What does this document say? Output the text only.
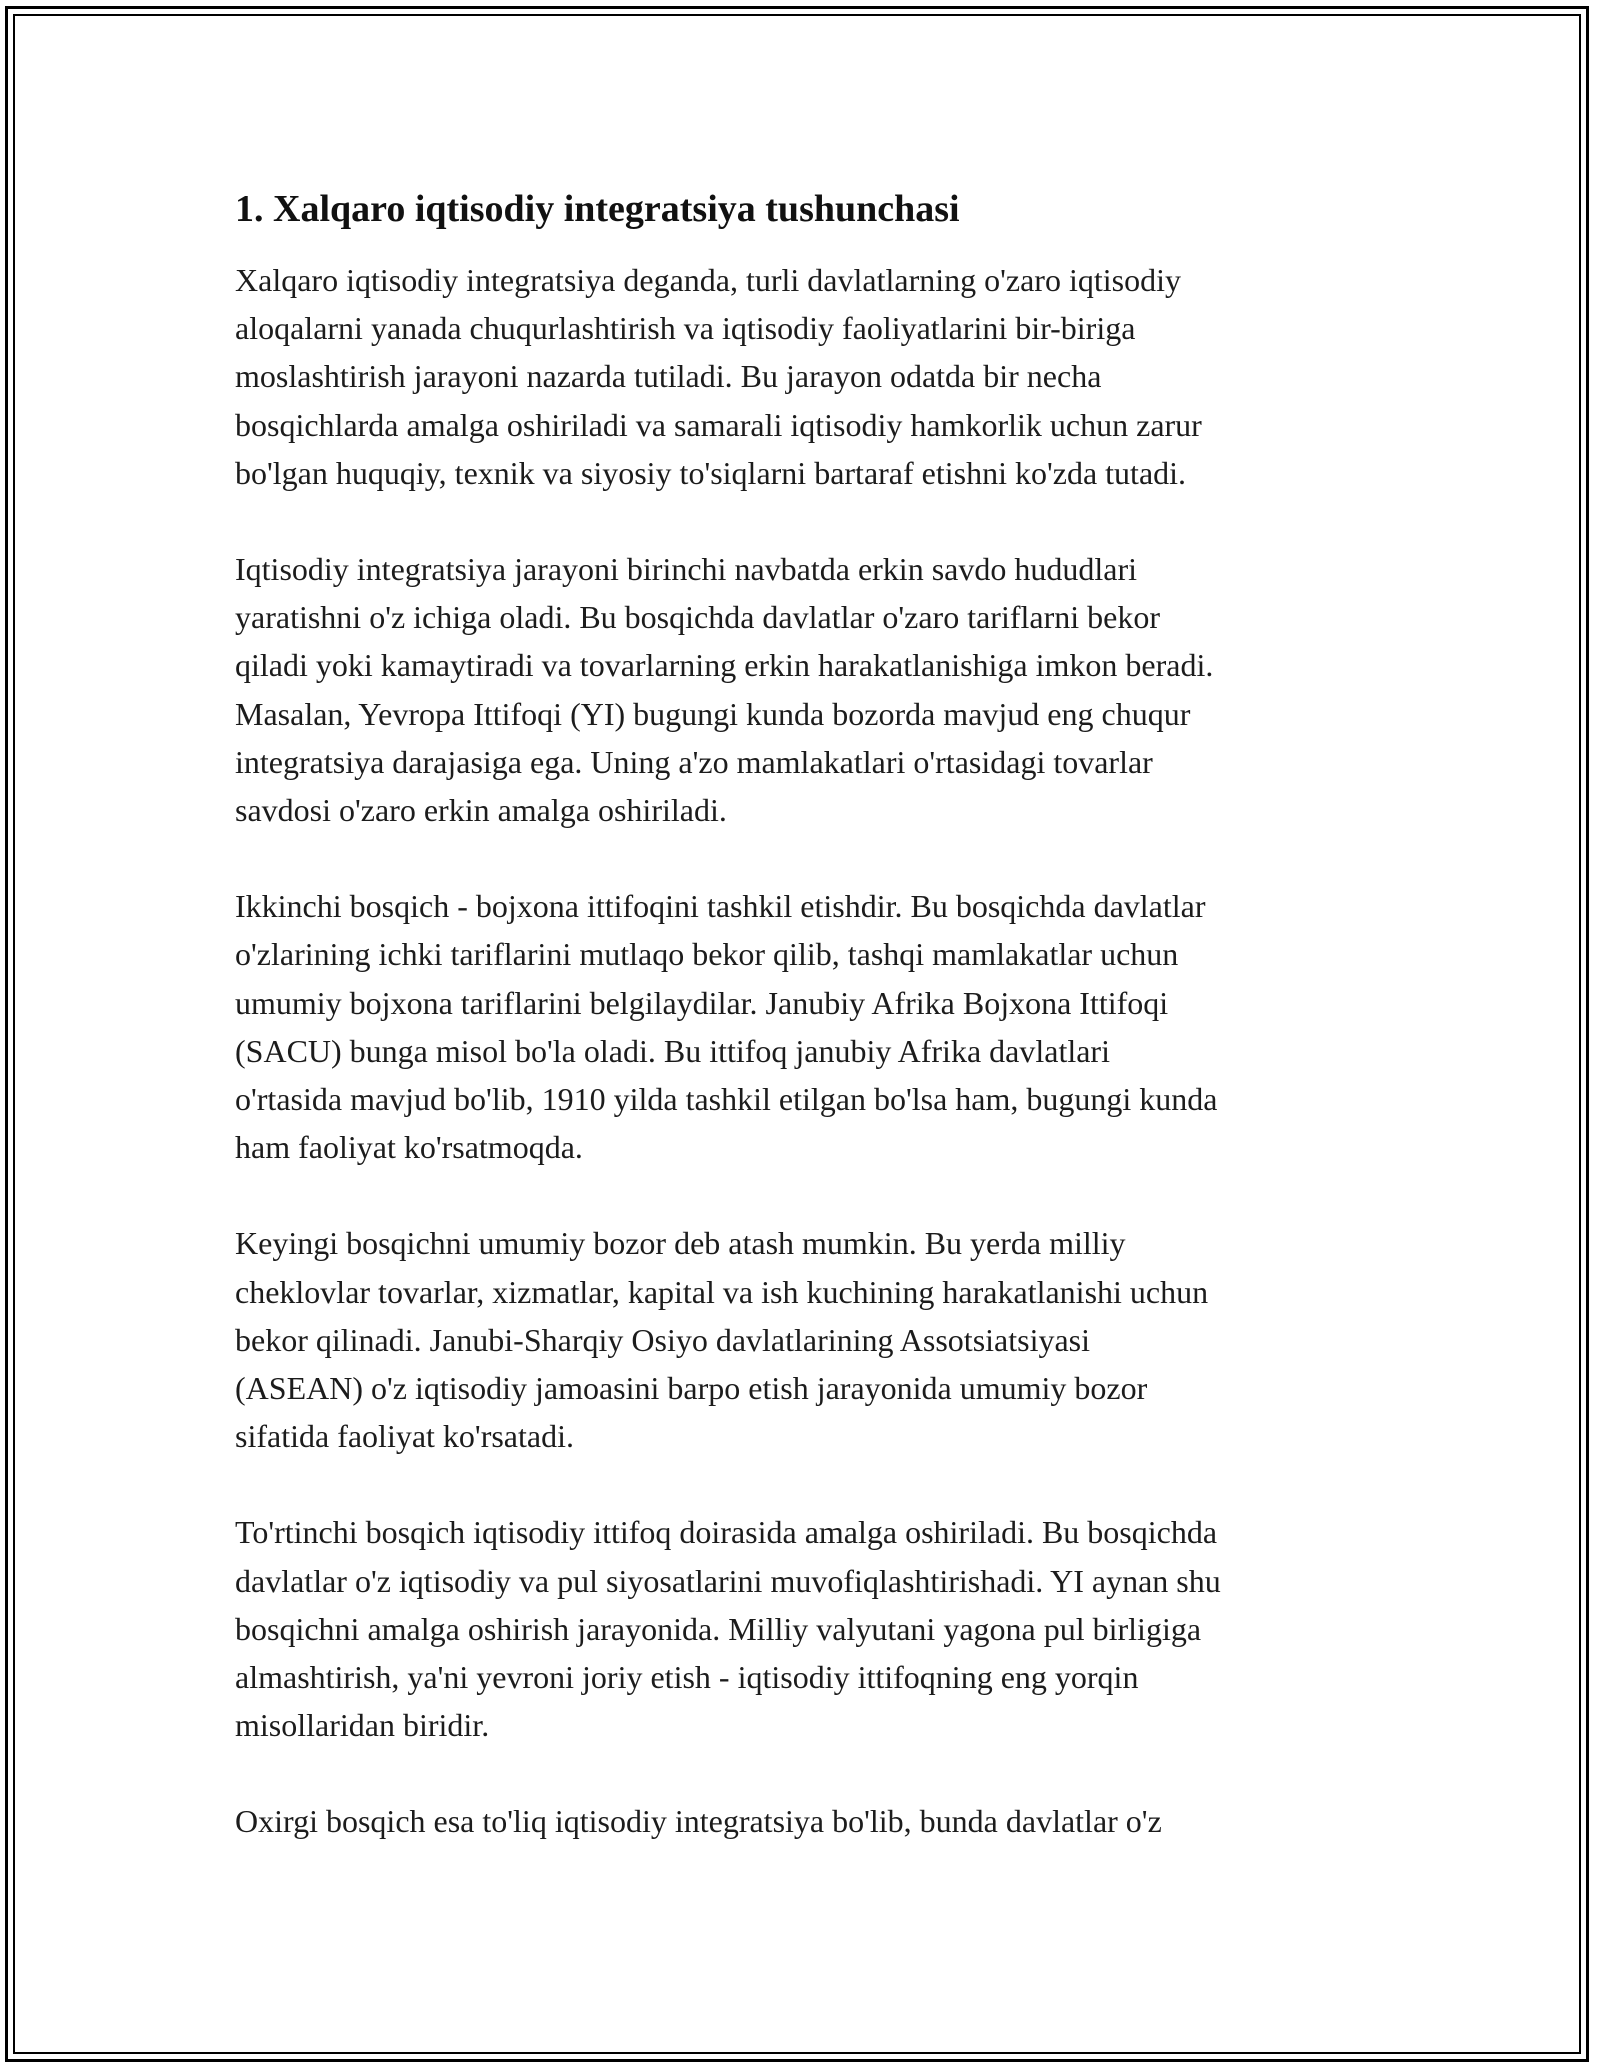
1. Xalqaro iqtisodiy integratsiya tushunchasi

Xalqaro iqtisodiy integratsiya deganda, turli davlatlarning o'zaro iqtisodiy
aloqalarni yanada chuqurlashtirish va iqtisodiy faoliyatlarini bir-biriga
moslashtirish jarayoni nazarda tutiladi. Bu jarayon odatda bir necha
bosqichlarda amalga oshiriladi va samarali iqtisodiy hamkorlik uchun zarur
bo'lgan huquqiy, texnik va siyosiy to'siqlarni bartaraf etishni ko'zda tutadi.

Iqtisodiy integratsiya jarayoni birinchi navbatda erkin savdo hududlari
yaratishni o'z ichiga oladi. Bu bosqichda davlatlar o'zaro tariflarni bekor
qiladi yoki kamaytiradi va tovarlarning erkin harakatlanishiga imkon beradi.
Masalan, Yevropa Ittifoqi (YI) bugungi kunda bozorda mavjud eng chuqur
integratsiya darajasiga ega. Uning a'zo mamlakatlari o'rtasidagi tovarlar
savdosi o'zaro erkin amalga oshiriladi.

Ikkinchi bosqich - bojxona ittifoqini tashkil etishdir. Bu bosqichda davlatlar
o'zlarining ichki tariflarini mutlaqo bekor qilib, tashqi mamlakatlar uchun
umumiy bojxona tariflarini belgilaydilar. Janubiy Afrika Bojxona Ittifoqi
(SACU) bunga misol bo'la oladi. Bu ittifoq janubiy Afrika davlatlari
o'rtasida mavjud bo'lib, 1910 yilda tashkil etilgan bo'lsa ham, bugungi kunda
ham faoliyat ko'rsatmoqda.

Keyingi bosqichni umumiy bozor deb atash mumkin. Bu yerda milliy
cheklovlar tovarlar, xizmatlar, kapital va ish kuchining harakatlanishi uchun
bekor qilinadi. Janubi-Sharqiy Osiyo davlatlarining Assotsiatsiyasi
(ASEAN) o'z iqtisodiy jamoasini barpo etish jarayonida umumiy bozor
sifatida faoliyat ko'rsatadi.

To'rtinchi bosqich iqtisodiy ittifoq doirasida amalga oshiriladi. Bu bosqichda
davlatlar o'z iqtisodiy va pul siyosatlarini muvofiqlashtirishadi. YI aynan shu
bosqichni amalga oshirish jarayonida. Milliy valyutani yagona pul birligiga
almashtirish, ya'ni yevroni joriy etish - iqtisodiy ittifoqning eng yorqin
misollaridan biridir.

Oxirgi bosqich esa to'liq iqtisodiy integratsiya bo'lib, bunda davlatlar o'z
